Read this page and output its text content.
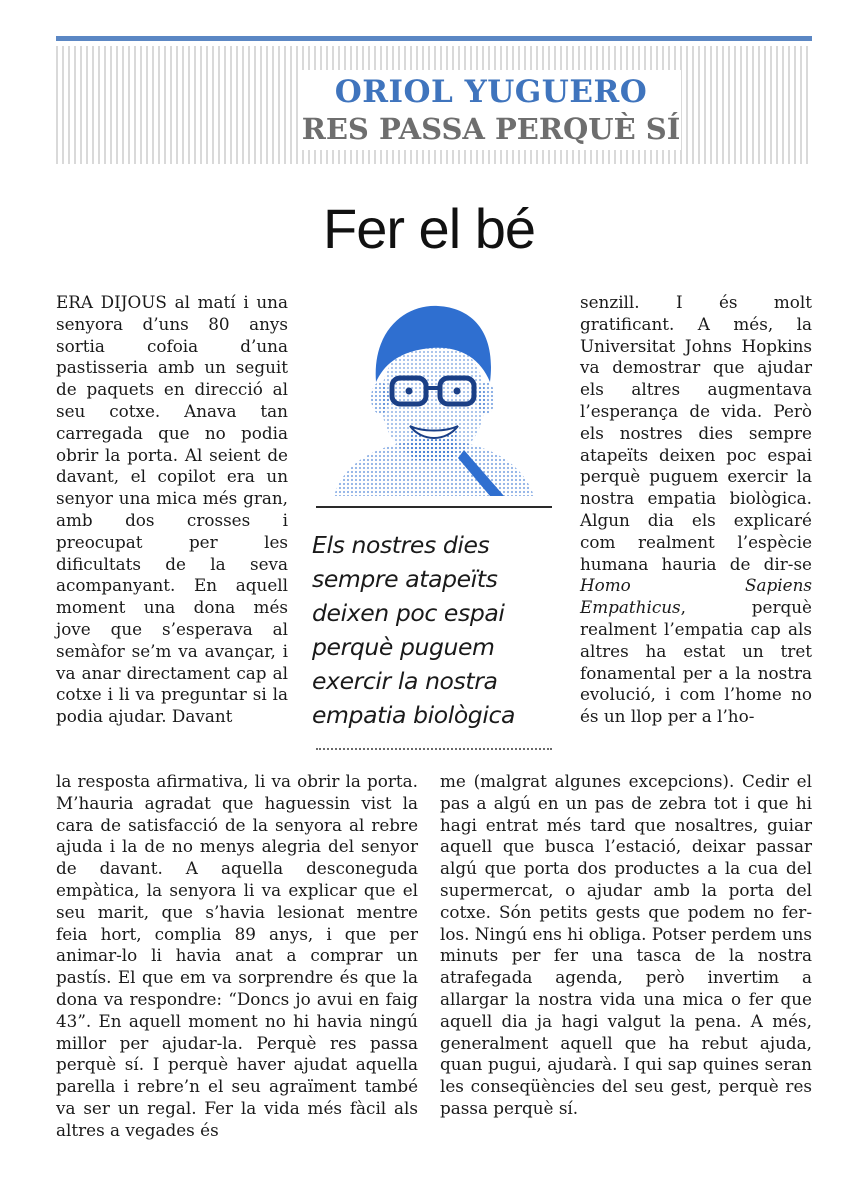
ORIOL YUGUERO
RES PASSA PERQUÈ SÍ
Fer el bé
Els nostres dies sempre atapeïts deixen poc espai perquè puguem exercir la nostra empatia biològica

ERA DIJOUS al matí i una senyora d’uns 80 anys sortia cofoia d’una pastisseria amb un seguit de paquets en direcció al seu cotxe. Anava tan carregada que no podia obrir la porta. Al seient de davant, el copilot era un senyor una mica més gran, amb dos crosses i preocupat per les dificultats de la seva acompanyant. En aquell moment una dona més jove que s’esperava al semàfor se’m va avançar, i va anar directament cap al cotxe i li va preguntar si la podia ajudar. Davant

la resposta afirmativa, li va obrir la porta. M’hauria agradat que haguessin vist la cara de satisfacció de la senyora al rebre ajuda i la de no menys alegria del senyor de davant. A aquella desconeguda empàtica, la senyora li va explicar que el seu marit, que s’havia lesionat mentre feia hort, complia 89 anys, i que per animar-lo li havia anat a comprar un pastís. El que em va sorprendre és que la dona va respondre: “Doncs jo avui en faig 43”. En aquell moment no hi havia ningú millor per ajudar-la. Perquè res passa perquè sí. I perquè haver ajudat aquella parella i rebre’n el seu agraïment també va ser un regal. Fer la vida més fàcil als altres a vegades és

senzill. I és molt gratificant. A més, la Universitat Johns Hopkins va demostrar que ajudar els altres augmentava l’esperança de vida. Però els nostres dies sempre atapeïts deixen poc espai perquè puguem exercir la nostra empatia biològica. Algun dia els explicaré com realment l’espècie humana hauria de dir-se Homo Sapiens Empathicus, perquè realment l’empatia cap als altres ha estat un tret fonamental per a la nostra evolució, i com l’home no és un llop per a l’ho-

me (malgrat algunes excepcions). Cedir el pas a algú en un pas de zebra tot i que hi hagi entrat més tard que nosaltres, guiar aquell que busca l’estació, deixar passar algú que porta dos productes a la cua del supermercat, o ajudar amb la porta del cotxe. Són petits gests que podem no fer-los. Ningú ens hi obliga. Potser perdem uns minuts per fer una tasca de la nostra atrafegada agenda, però invertim a allargar la nostra vida una mica o fer que aquell dia ja hagi valgut la pena. A més, generalment aquell que ha rebut ajuda, quan pugui, ajudarà. I qui sap quines seran les conseqüències del seu gest, perquè res passa perquè sí.
